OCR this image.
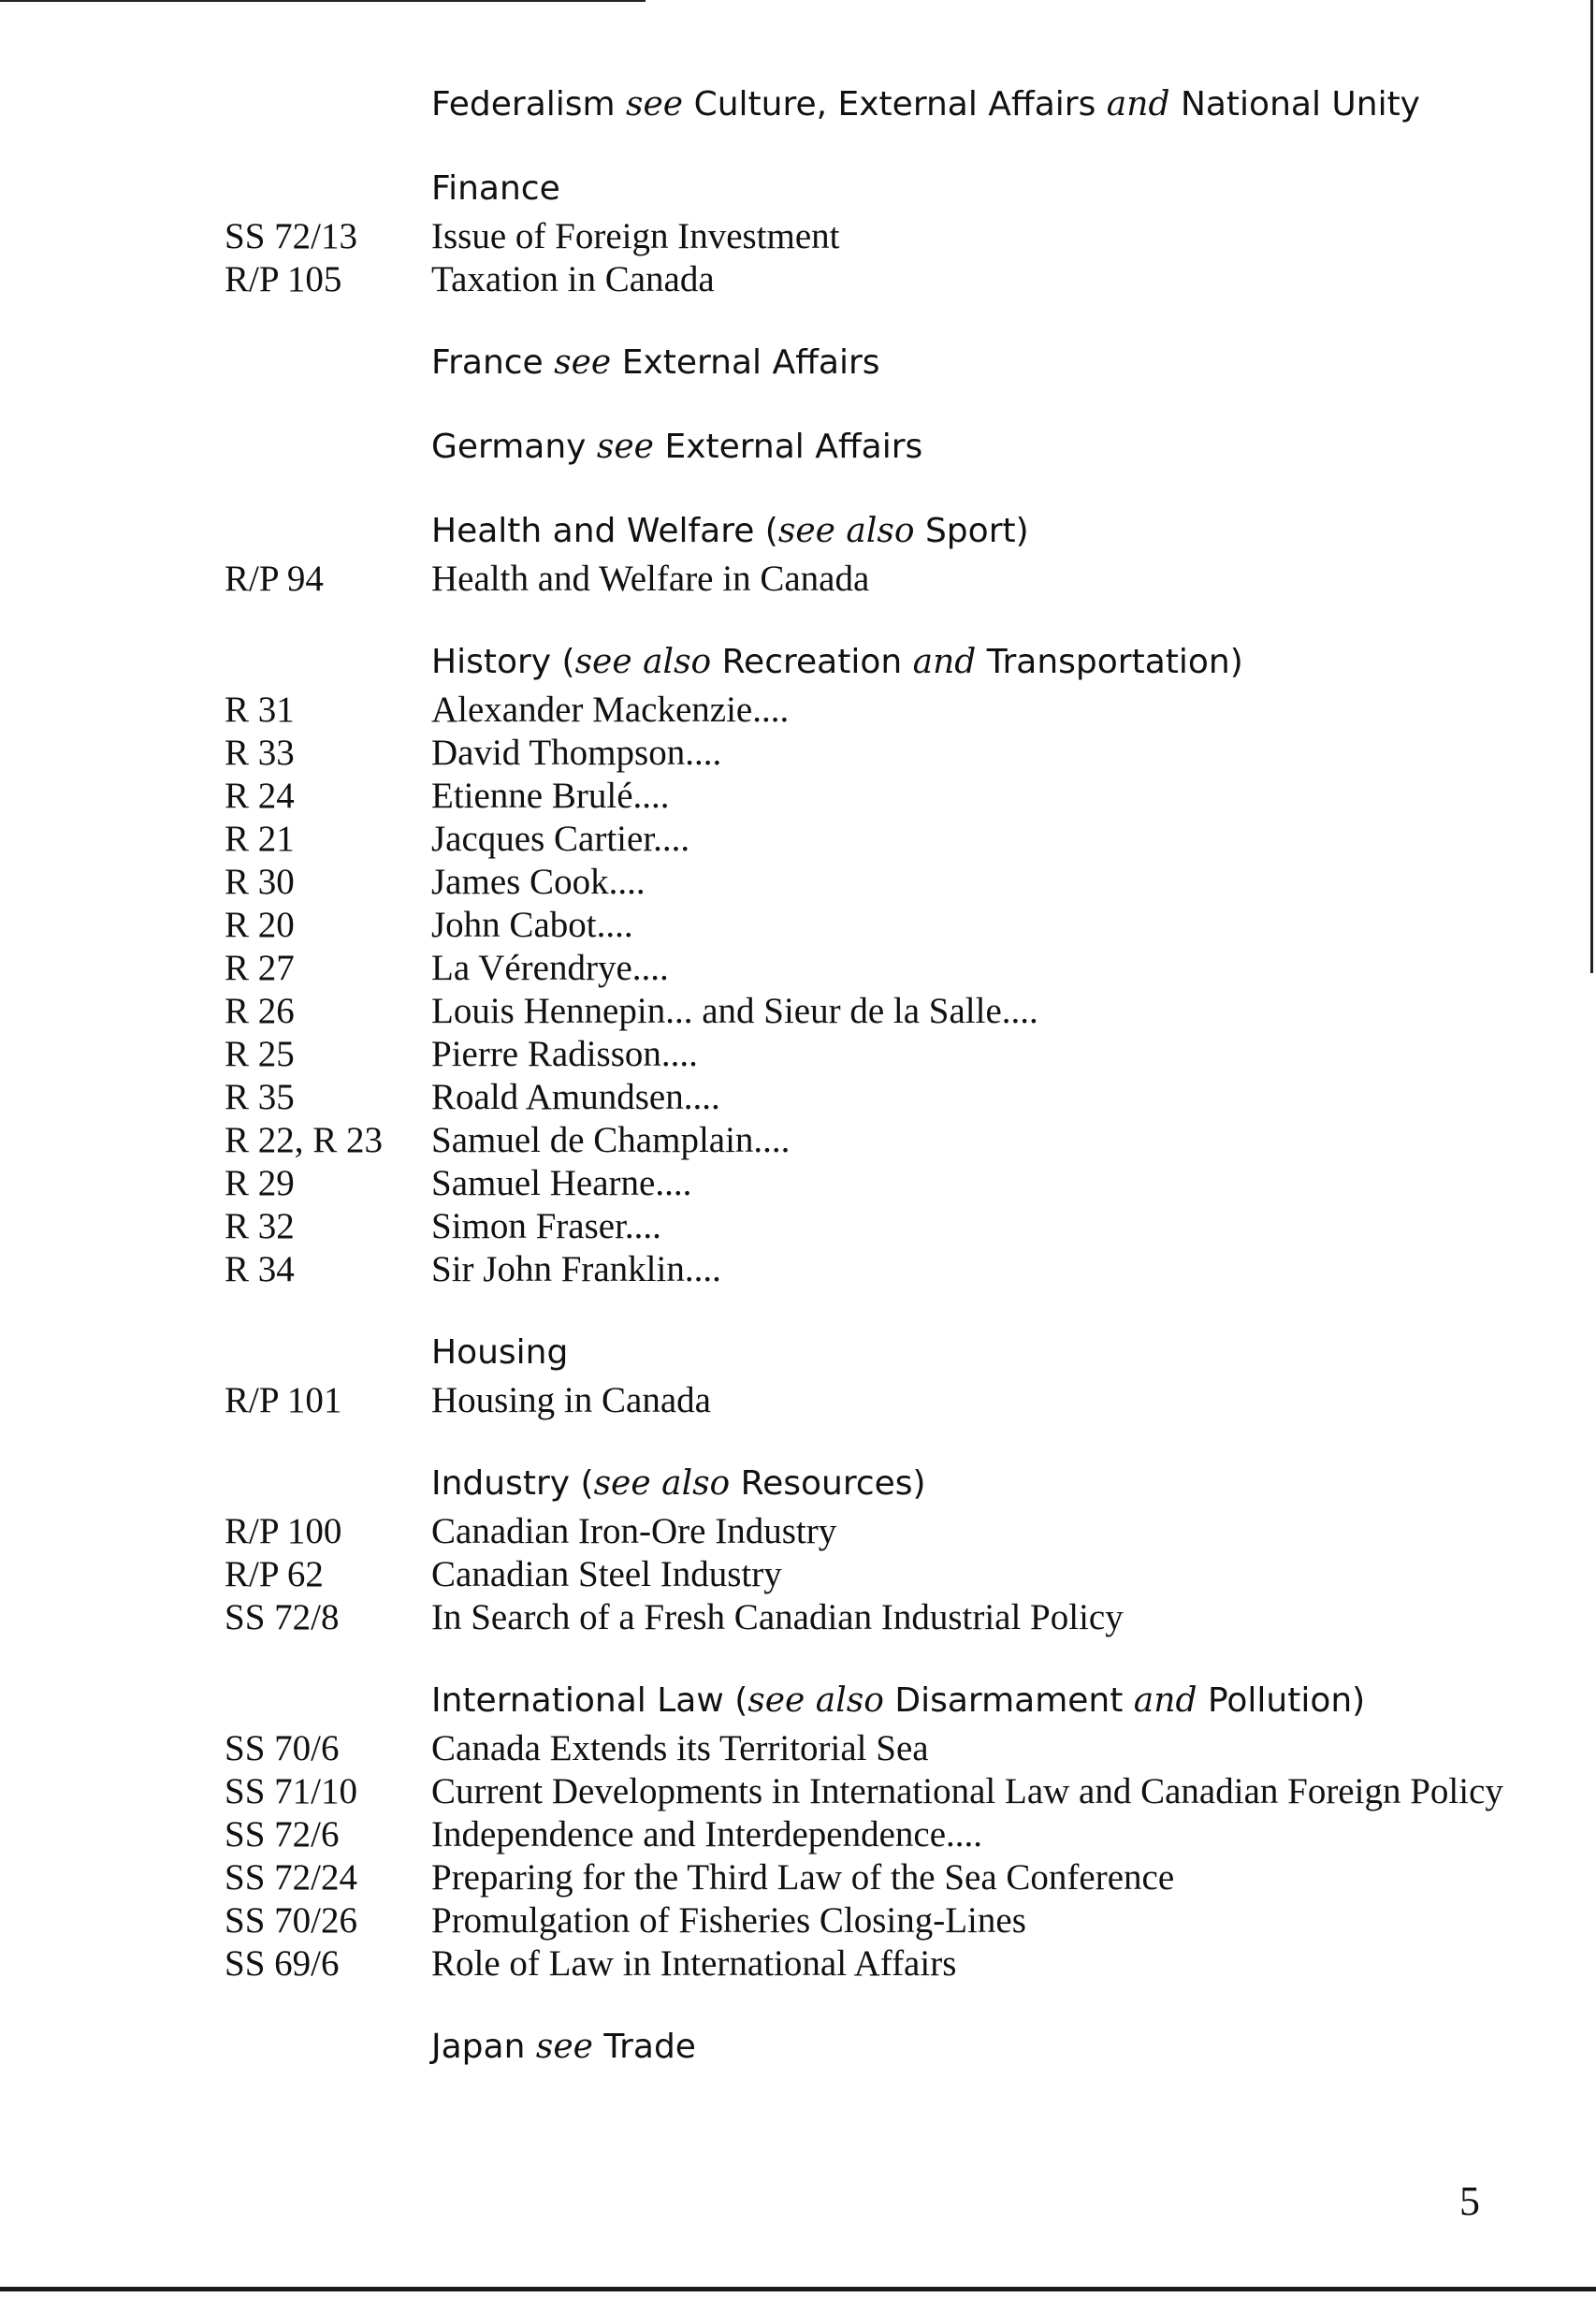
Federalism see Culture, External Affairs and National Unity
Finance
SS 72/13	Issue of Foreign Investment
R/P 105	Taxation in Canada
France see External Affairs
Germany see External Affairs
Health and Welfare (see also Sport)
R/P 94	Health and Welfare in Canada
History (see also Recreation and Transportation)
R 31	Alexander Mackenzie....
R 33	David Thompson....
R 24	Etienne Brulé....
R 21	Jacques Cartier....
R 30	James Cook....
R 20	John Cabot....
R 27	La Vérendrye....
R 26	Louis Hennepin... and Sieur de la Salle....
R 25	Pierre Radisson....
R 35	Roald Amundsen....
R 22, R 23	Samuel de Champlain....
R 29	Samuel Hearne....
R 32	Simon Fraser....
R 34	Sir John Franklin....
Housing
R/P 101	Housing in Canada
Industry (see also Resources)
R/P 100	Canadian Iron-Ore Industry
R/P 62	Canadian Steel Industry
SS 72/8	In Search of a Fresh Canadian Industrial Policy
International Law (see also Disarmament and Pollution)
SS 70/6	Canada Extends its Territorial Sea
SS 71/10	Current Developments in International Law and Canadian Foreign Policy
SS 72/6	Independence and Interdependence....
SS 72/24	Preparing for the Third Law of the Sea Conference
SS 70/26	Promulgation of Fisheries Closing-Lines
SS 69/6	Role of Law in International Affairs
Japan see Trade
5
